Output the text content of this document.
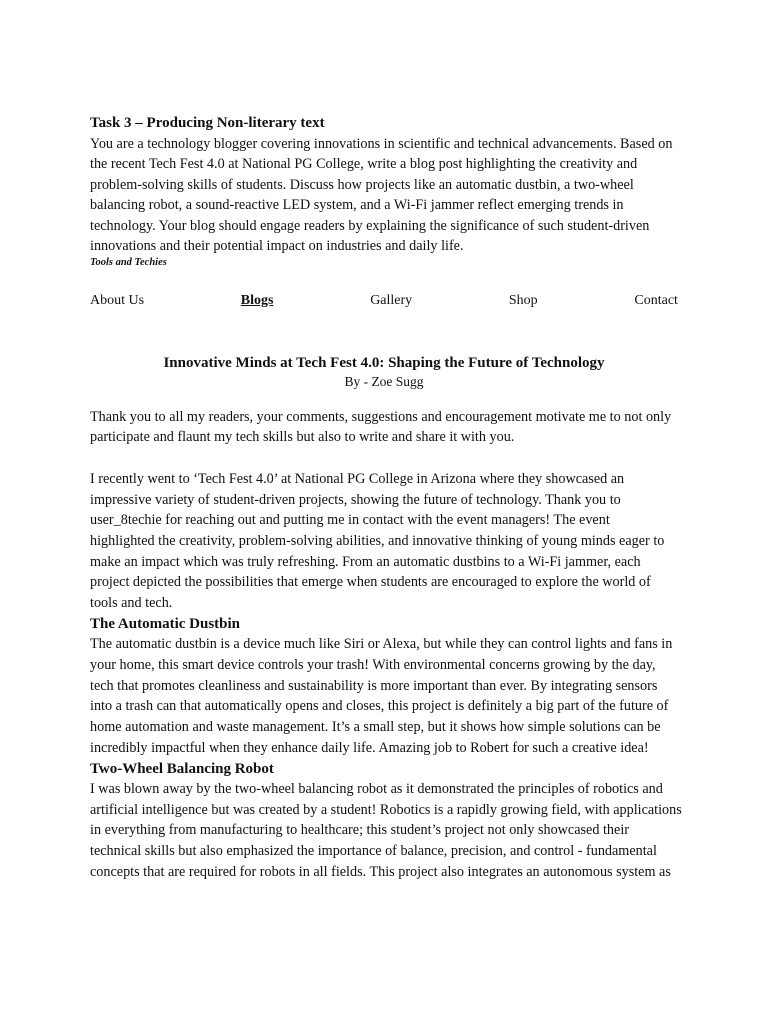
Task 3 – Producing Non-literary text

You are a technology blogger covering innovations in scientific and technical advancements. Based on
the recent Tech Fest 4.0 at National PG College, write a blog post highlighting the creativity and
problem-solving skills of students. Discuss how projects like an automatic dustbin, a two-wheel
balancing robot, a sound-reactive LED system, and a Wi-Fi jammer reflect emerging trends in
technology. Your blog should engage readers by explaining the significance of such student-driven
innovations and their potential impact on industries and daily life.

Tools and Techies

About Us	Blogs	Gallery	Shop	Contact

Innovative Minds at Tech Fest 4.0: Shaping the Future of Technology

By - Zoe Sugg

Thank you to all my readers, your comments, suggestions and encouragement motivate me to not only
participate and flaunt my tech skills but also to write and share it with you.

I recently went to ‘Tech Fest 4.0’ at National PG College in Arizona where they showcased an
impressive variety of student-driven projects, showing the future of technology. Thank you to
user_8techie for reaching out and putting me in contact with the event managers! The event
highlighted the creativity, problem-solving abilities, and innovative thinking of young minds eager to
make an impact which was truly refreshing. From an automatic dustbins to a Wi-Fi jammer, each
project depicted the possibilities that emerge when students are encouraged to explore the world of
tools and tech.

The Automatic Dustbin

The automatic dustbin is a device much like Siri or Alexa, but while they can control lights and fans in
your home, this smart device controls your trash! With environmental concerns growing by the day,
tech that promotes cleanliness and sustainability is more important than ever. By integrating sensors
into a trash can that automatically opens and closes, this project is definitely a big part of the future of
home automation and waste management. It’s a small step, but it shows how simple solutions can be
incredibly impactful when they enhance daily life. Amazing job to Robert for such a creative idea!

Two-Wheel Balancing Robot

I was blown away by the two-wheel balancing robot as it demonstrated the principles of robotics and
artificial intelligence but was created by a student! Robotics is a rapidly growing field, with applications
in everything from manufacturing to healthcare; this student’s project not only showcased their
technical skills but also emphasized the importance of balance, precision, and control - fundamental
concepts that are required for robots in all fields. This project also integrates an autonomous system as
